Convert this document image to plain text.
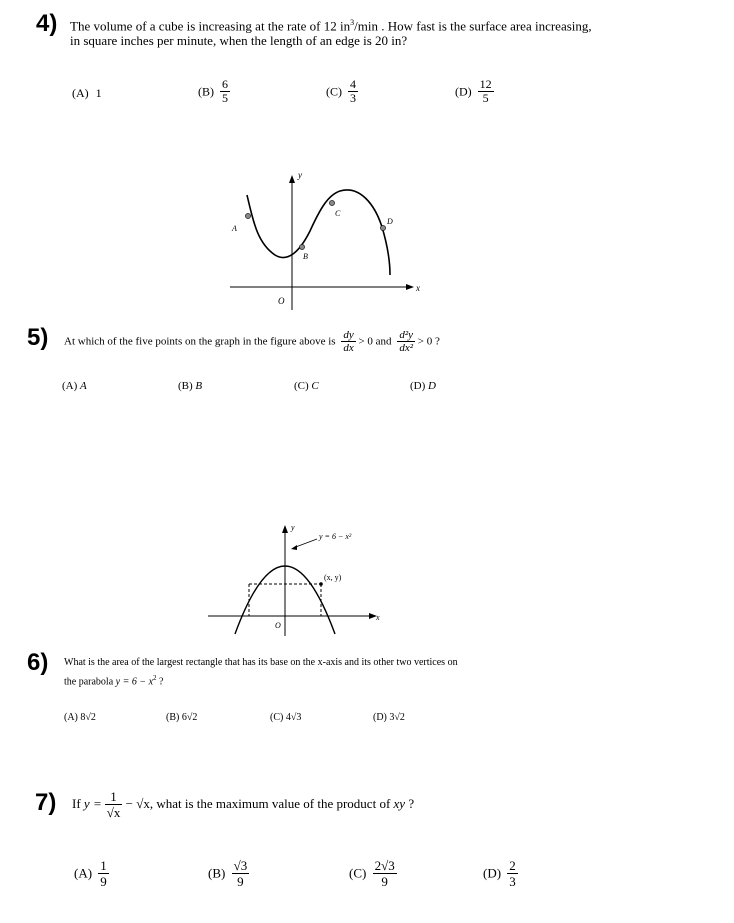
4) The volume of a cube is increasing at the rate of 12 $in^3/\min$ . How fast is the surface area increasing,
in square inches per minute, when the length of an edge is 20 in?
(A) 1	$(B) \frac{6}{5}$	$(C) \frac{4}{3}$	$(D) \frac{12}{5}$
y
x
O
A
B
C
D
5) At which of the five points on the graph in the figure above is $\frac{dy}{dx} > 0$ and $\frac{\text{d²y}}{\text{dx²}} > 0$ ?
(A) A	(B) B	(C) C	(D) D
y
x
O
(x, y)
y = 6 − x²
6) What is the area of the largest rectangle that has its base on the x-axis and its other two vertices on
the parabola $y = 6 - x^2$ ?
(A) 8√2	(B) 6√2	(C) 4√3	(D) 3√2
7) If $y = \frac{1}{√x} - √x$, what is the maximum value of the product of xy ?
$(A) \frac{1}{9}$	$(B) \frac{√3}{9}$	$(C) \frac{2√3}{9}$	$(D) \frac{2}{3}$
